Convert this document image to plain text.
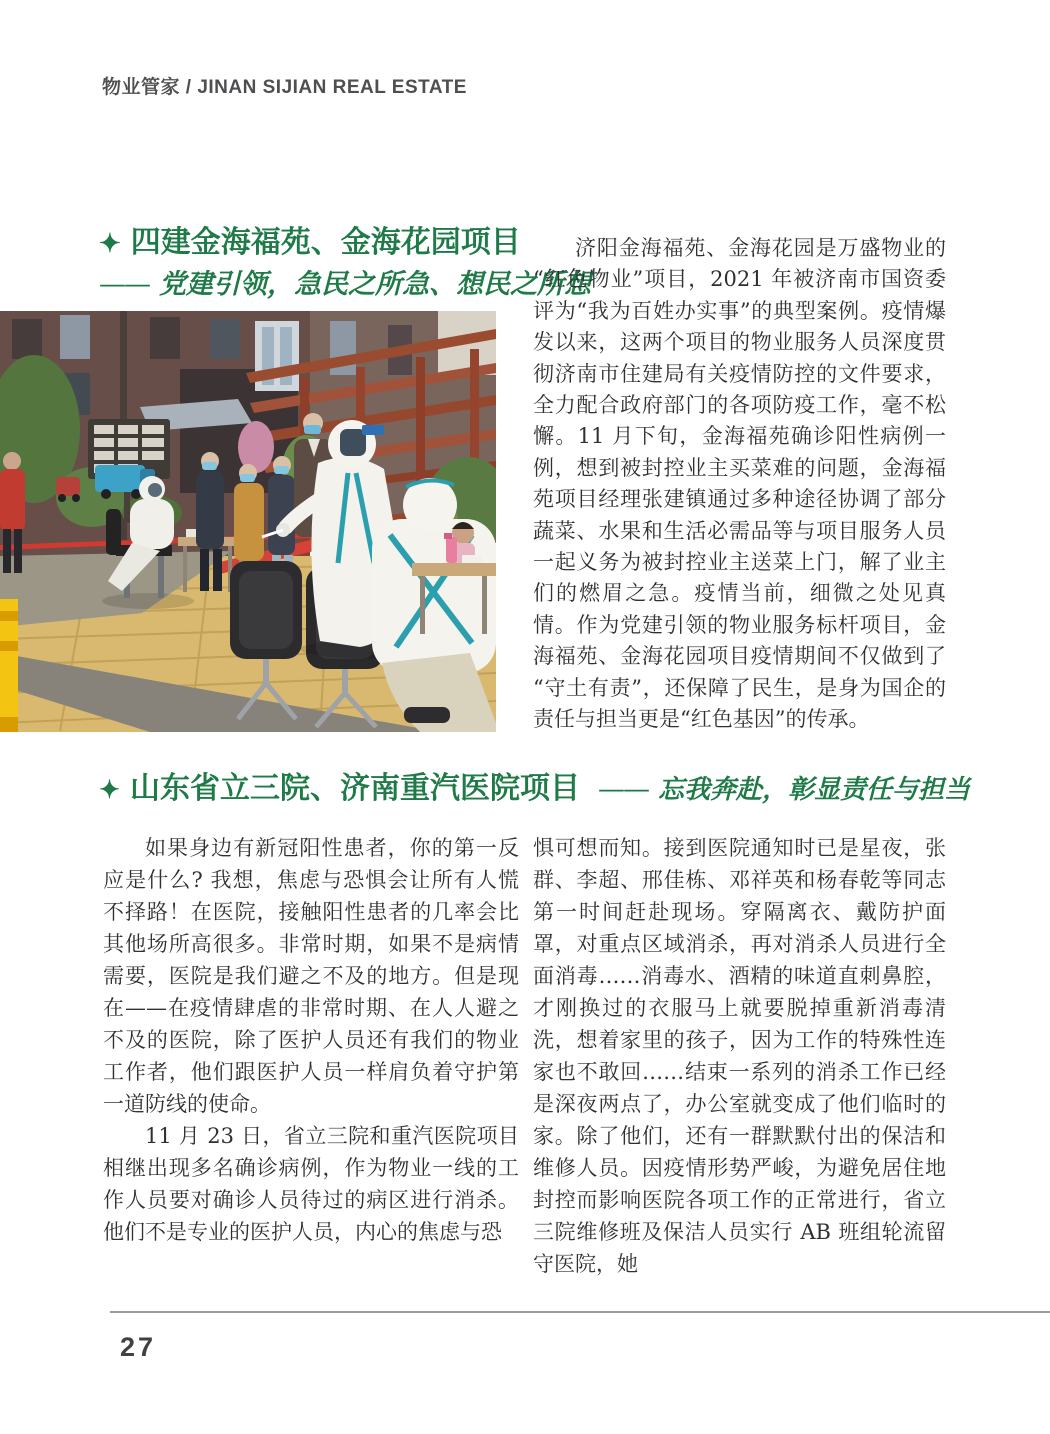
物业管家 / JINAN SIJIAN REAL ESTATE
✦ 四建金海福苑、金海花园项目
—— 党建引领，急民之所急、想民之所想

济阳金海福苑、金海花园是万盛物业的“红色物业”项目，2021 年被济南市国资委评为“我为百姓办实事”的典型案例。疫情爆发以来，这两个项目的物业服务人员深度贯彻济南市住建局有关疫情防控的文件要求，全力配合政府部门的各项防疫工作，毫不松懈。11 月下旬，金海福苑确诊阳性病例一例，想到被封控业主买菜难的问题，金海福苑项目经理张建镇通过多种途径协调了部分蔬菜、水果和生活必需品等与项目服务人员一起义务为被封控业主送菜上门，解了业主们的燃眉之急。疫情当前，细微之处见真情。作为党建引领的物业服务标杆项目，金海福苑、金海花园项目疫情期间不仅做到了“守土有责”，还保障了民生，是身为国企的责任与担当更是“红色基因”的传承。

✦ 山东省立三院、济南重汽医院项目 —— 忘我奔赴，彰显责任与担当

如果身边有新冠阳性患者，你的第一反应是什么? 我想，焦虑与恐惧会让所有人慌不择路！在医院，接触阳性患者的几率会比其他场所高很多。非常时期，如果不是病情需要，医院是我们避之不及的地方。但是现在——在疫情肆虐的非常时期、在人人避之不及的医院，除了医护人员还有我们的物业工作者，他们跟医护人员一样肩负着守护第一道防线的使命。

11 月 23 日，省立三院和重汽医院项目相继出现多名确诊病例，作为物业一线的工作人员要对确诊人员待过的病区进行消杀。他们不是专业的医护人员，内心的焦虑与恐

惧可想而知。接到医院通知时已是星夜，张群、李超、邢佳栋、邓祥英和杨春乾等同志第一时间赶赴现场。穿隔离衣、戴防护面罩，对重点区域消杀，再对消杀人员进行全面消毒……消毒水、酒精的味道直刺鼻腔，才刚换过的衣服马上就要脱掉重新消毒清洗，想着家里的孩子，因为工作的特殊性连家也不敢回……结束一系列的消杀工作已经是深夜两点了，办公室就变成了他们临时的家。除了他们，还有一群默默付出的保洁和维修人员。因疫情形势严峻，为避免居住地封控而影响医院各项工作的正常进行，省立三院维修班及保洁人员实行 AB 班组轮流留守医院，她

27
